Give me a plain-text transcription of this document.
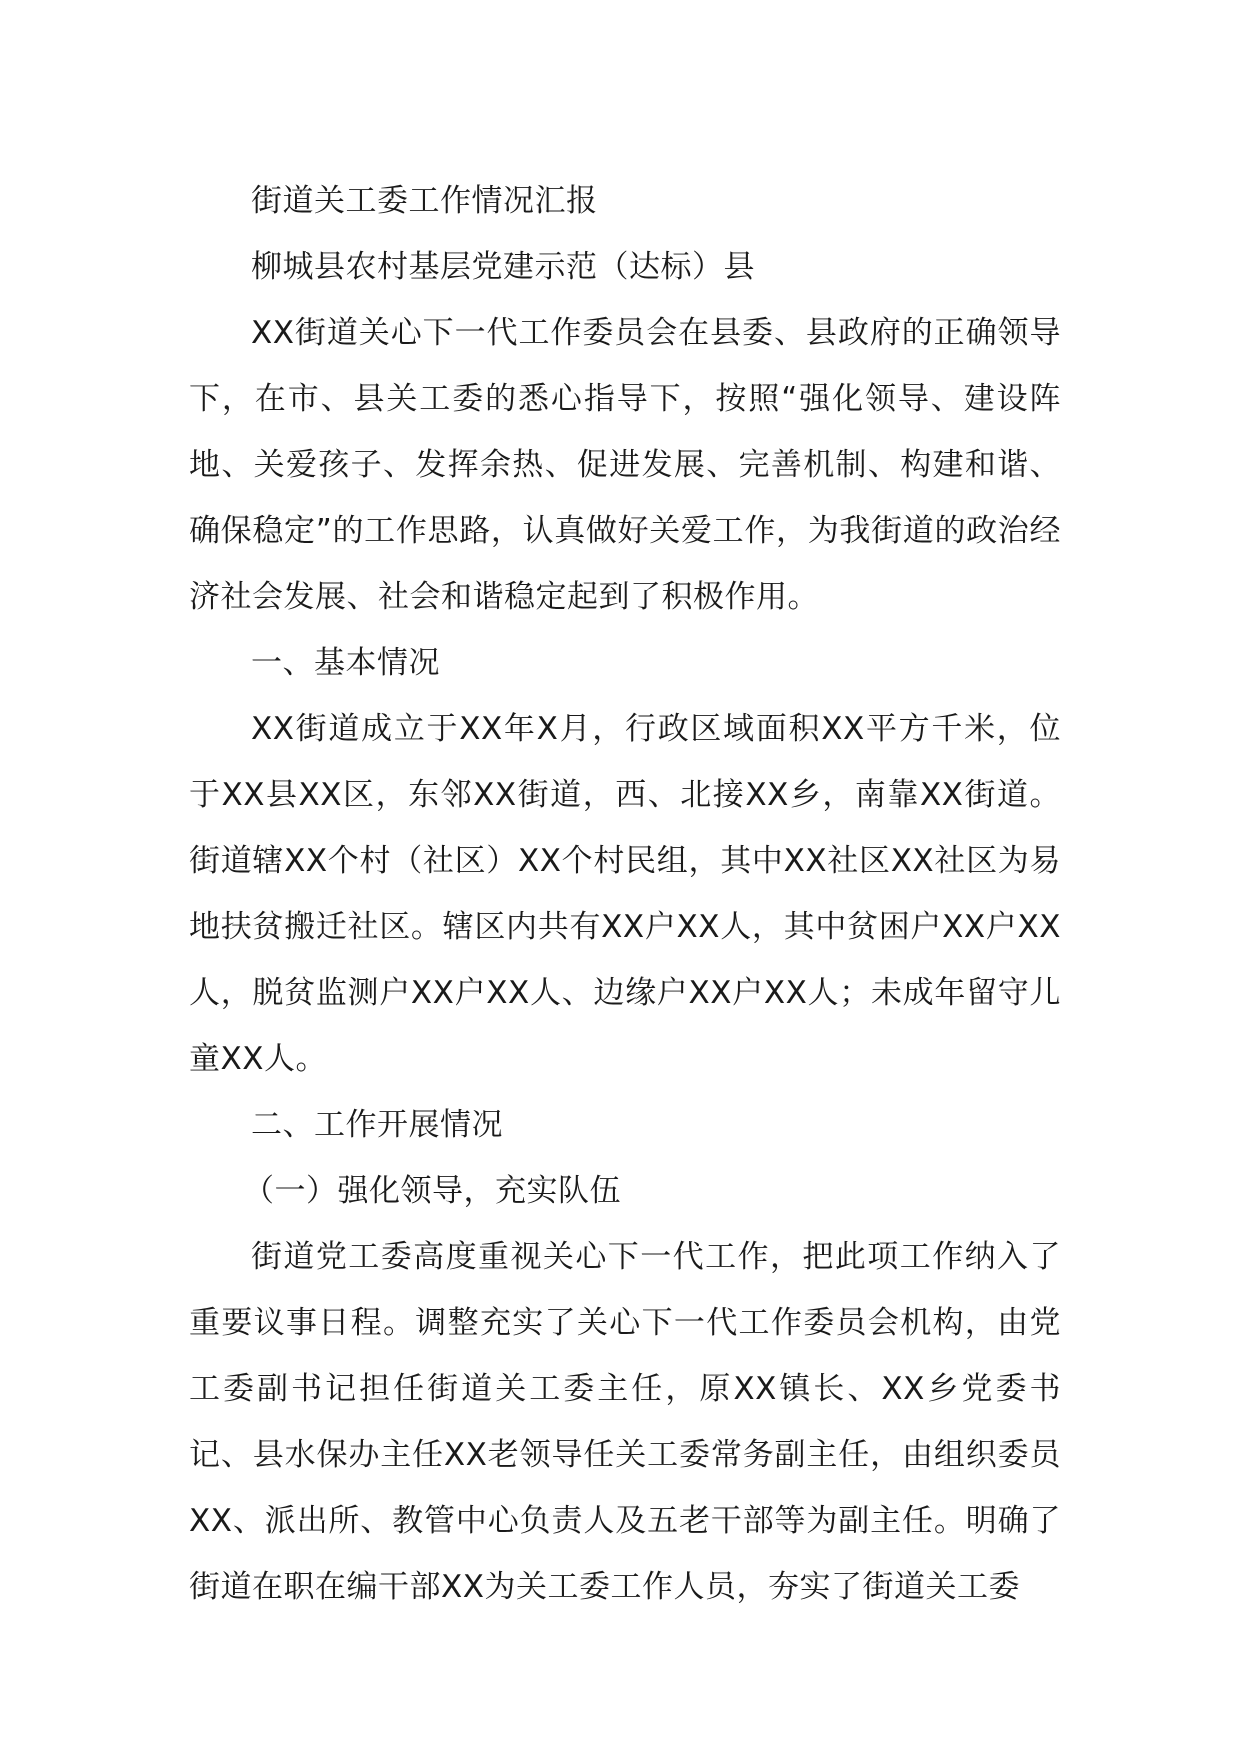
街道关工委工作情况汇报

柳城县农村基层党建示范（达标）县

XX街道关心下一代工作委员会在县委、县政府的正确领导下，在市、县关工委的悉心指导下，按照“强化领导、建设阵地、关爱孩子、发挥余热、促进发展、完善机制、构建和谐、确保稳定”的工作思路，认真做好关爱工作，为我街道的政治经济社会发展、社会和谐稳定起到了积极作用。

一、基本情况

XX街道成立于XX年X月，行政区域面积XX平方千米，位于XX县XX区，东邻XX街道，西、北接XX乡，南靠XX街道。街道辖XX个村（社区）XX个村民组，其中XX社区XX社区为易地扶贫搬迁社区。辖区内共有XX户XX人，其中贫困户XX户XX人，脱贫监测户XX户XX人、边缘户XX户XX人；未成年留守儿童XX人。

二、工作开展情况

（一）强化领导，充实队伍

街道党工委高度重视关心下一代工作，把此项工作纳入了重要议事日程。调整充实了关心下一代工作委员会机构，由党工委副书记担任街道关工委主任，原XX镇长、XX乡党委书记、县水保办主任XX老领导任关工委常务副主任，由组织委员XX、派出所、教管中心负责人及五老干部等为副主任。明确了街道在职在编干部XX为关工委工作人员，夯实了街道关工委
